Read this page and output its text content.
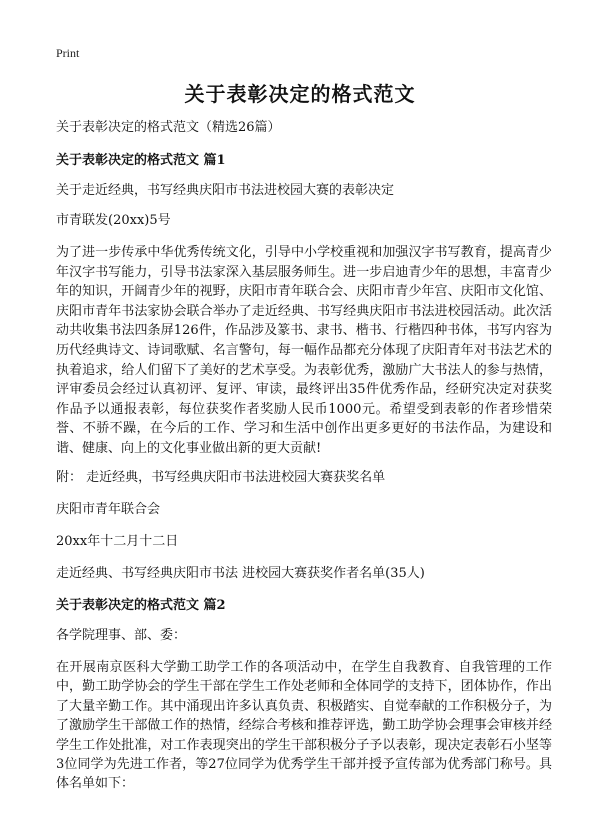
Print
关于表彰决定的格式范文

关于表彰决定的格式范文（精选26篇）

关于表彰决定的格式范文 篇1

关于走近经典，书写经典庆阳市书法进校园大赛的表彰决定

市青联发(20xx)5号

为了进一步传承中华优秀传统文化，引导中小学校重视和加强汉字书写教育，提高青少年汉字书写能力，引导书法家深入基层服务师生。进一步启迪青少年的思想，丰富青少年的知识，开阔青少年的视野，庆阳市青年联合会、庆阳市青少年宫、庆阳市文化馆、庆阳市青年书法家协会联合举办了走近经典、书写经典庆阳市书法进校园活动。此次活动共收集书法四条屏126件，作品涉及篆书、隶书、楷书、行楷四种书体，书写内容为历代经典诗文、诗词歌赋、名言警句，每一幅作品都充分体现了庆阳青年对书法艺术的执着追求，给人们留下了美好的艺术享受。为表彰优秀，激励广大书法人的参与热情，评审委员会经过认真初评、复评、审读，最终评出35件优秀作品，经研究决定对获奖作品予以通报表彰，每位获奖作者奖励人民币1000元。希望受到表彰的作者珍惜荣誉、不骄不躁，在今后的工作、学习和生活中创作出更多更好的书法作品，为建设和谐、健康、向上的文化事业做出新的更大贡献!

附： 走近经典，书写经典庆阳市书法进校园大赛获奖名单

庆阳市青年联合会

20xx年十二月十二日

走近经典、书写经典庆阳市书法 进校园大赛获奖作者名单(35人)

关于表彰决定的格式范文 篇2

各学院理事、部、委：

在开展南京医科大学勤工助学工作的各项活动中，在学生自我教育、自我管理的工作中，勤工助学协会的学生干部在学生工作处老师和全体同学的支持下，团体协作，作出了大量辛勤工作。其中涌现出许多认真负责、积极踏实、自觉奉献的工作积极分子，为了激励学生干部做工作的热情，经综合考核和推荐评选，勤工助学协会理事会审核并经学生工作处批准，对工作表现突出的学生干部积极分子予以表彰，现决定表彰石小坚等3位同学为先进工作者，等27位同学为优秀学生干部并授予宣传部为优秀部门称号。具体名单如下：
